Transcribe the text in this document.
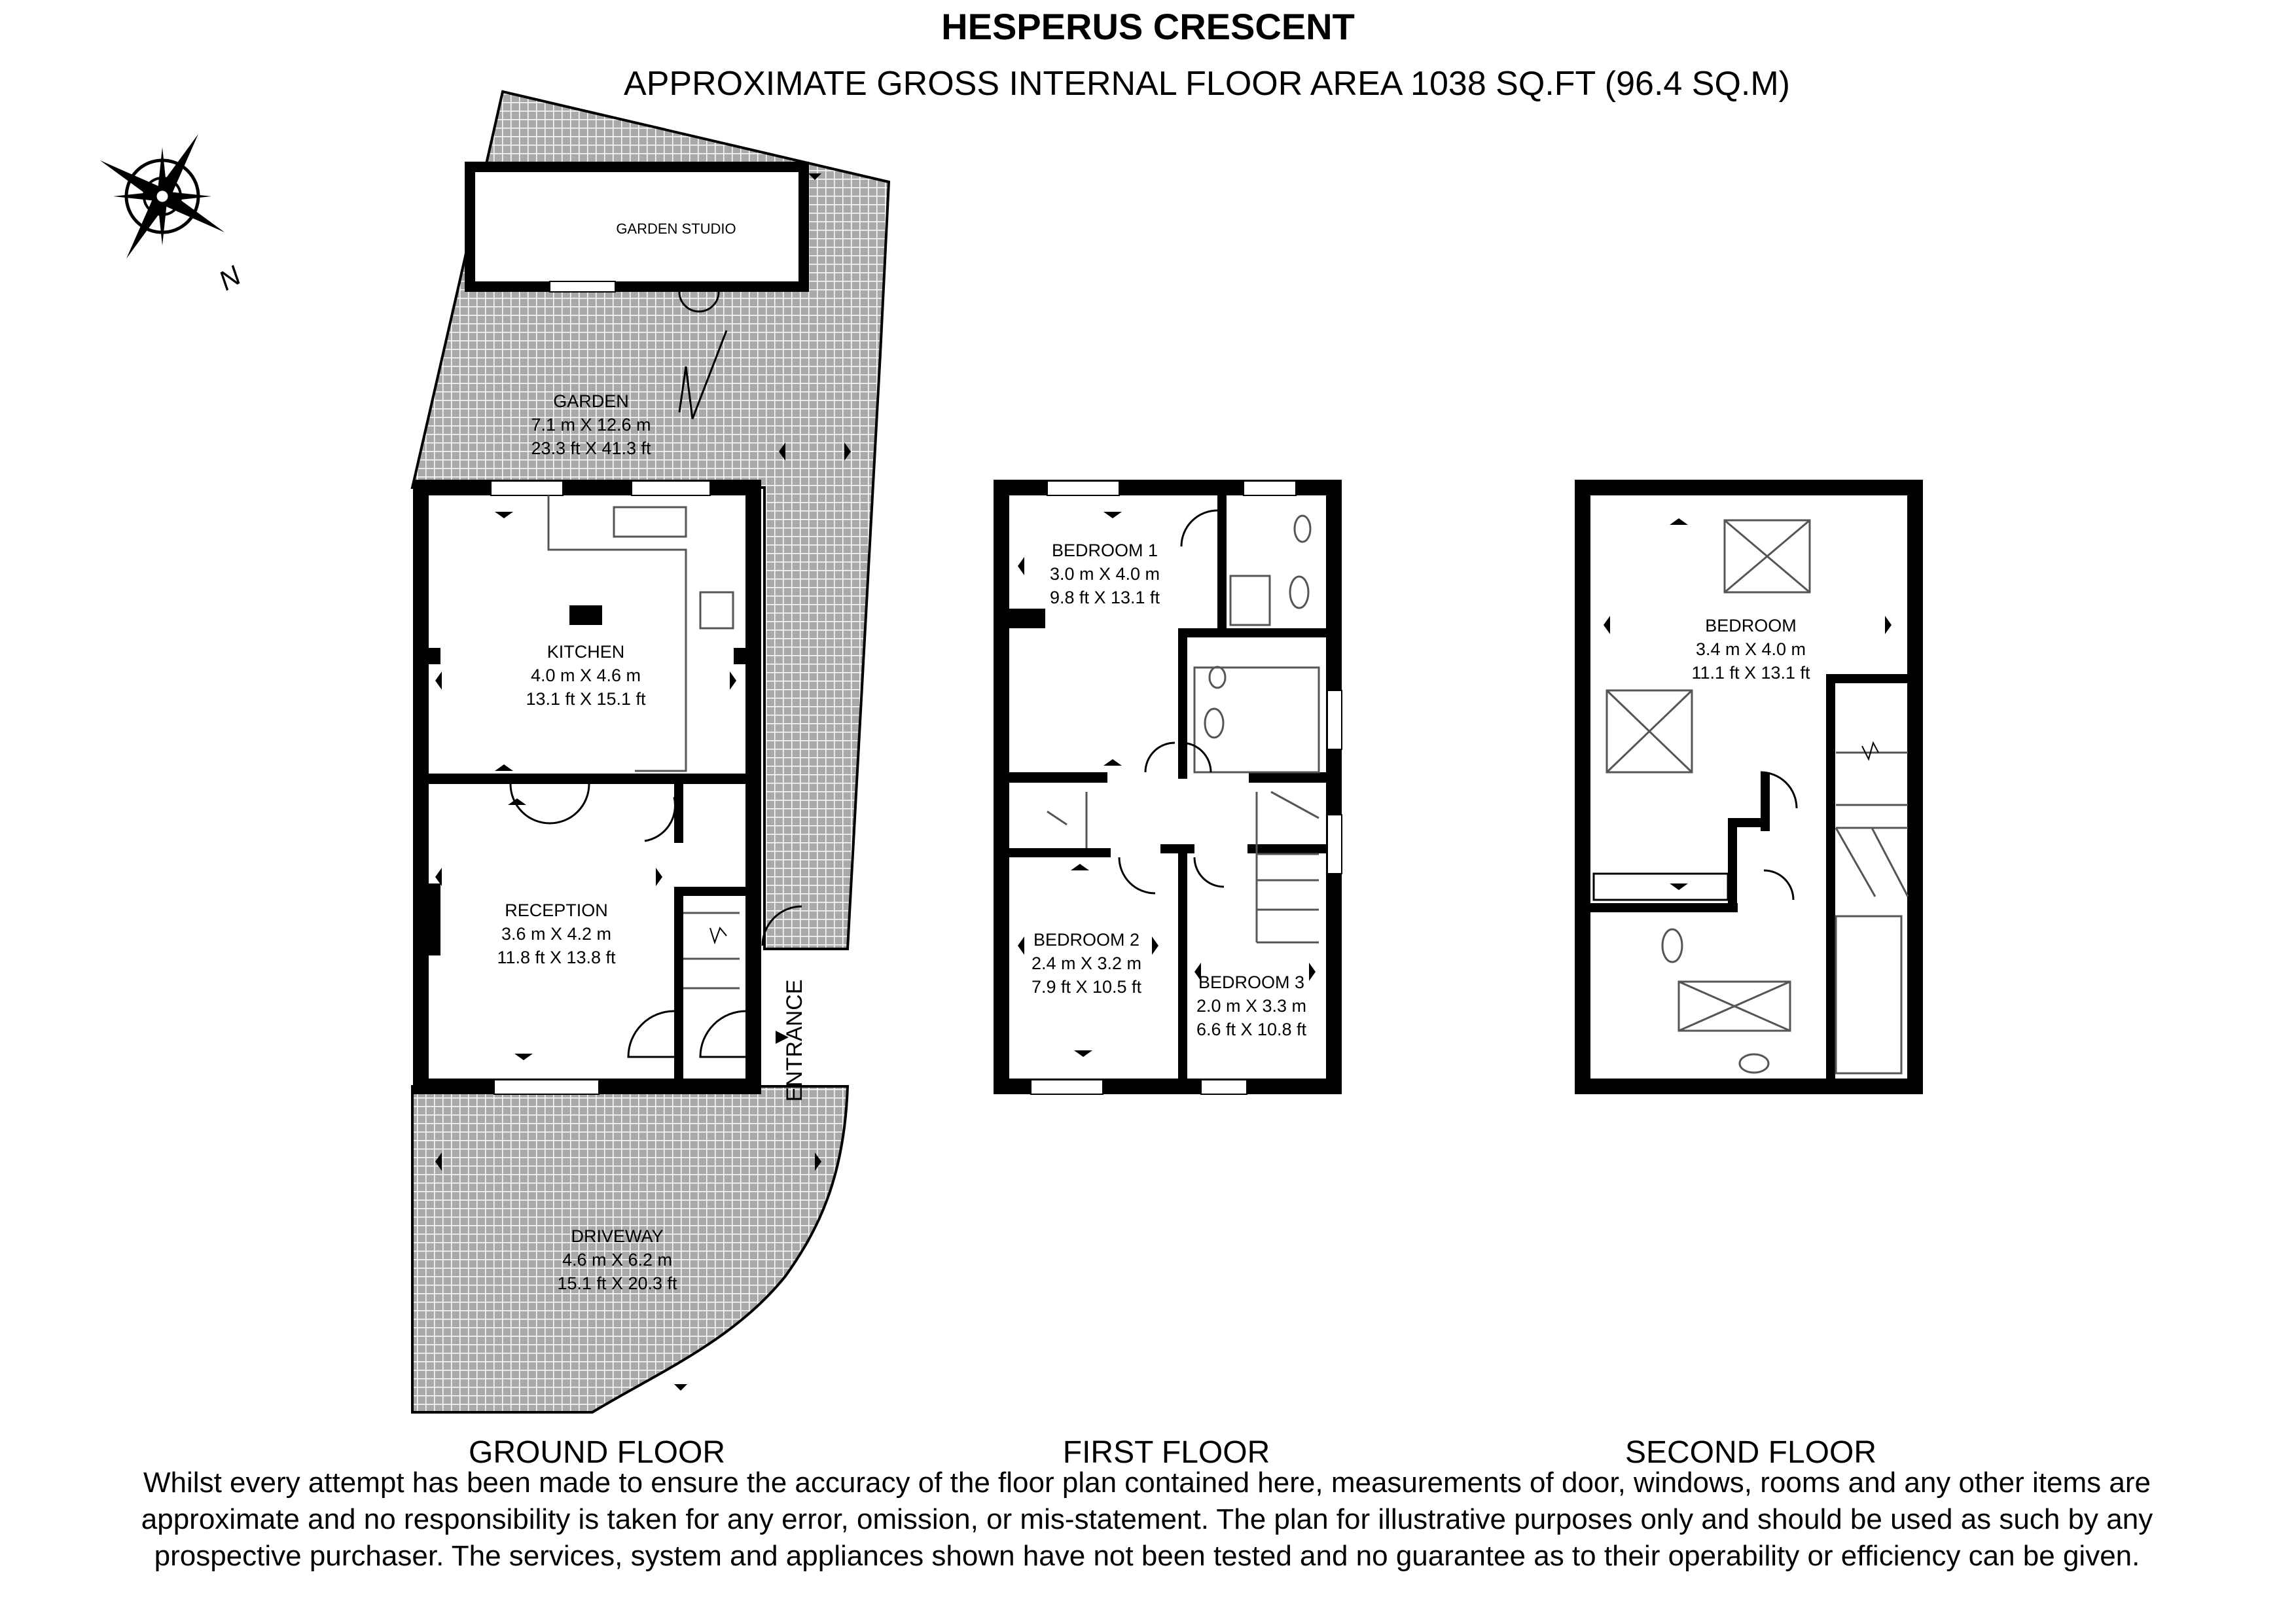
HESPERUS CRESCENT
APPROXIMATE GROSS INTERNAL FLOOR AREA 1038 SQ.FT (96.4 SQ.M)
N
GARDEN STUDIO
GARDEN
7.1 m X 12.6 m
23.3 ft X 41.3 ft
KITCHEN
4.0 m X 4.6 m
13.1 ft X 15.1 ft
RECEPTION
3.6 m X 4.2 m
11.8 ft X 13.8 ft
DRIVEWAY
4.6 m X 6.2 m
15.1 ft X 20.3 ft
ENTRANCE
GROUND FLOOR
BEDROOM 1
3.0 m X 4.0 m
9.8 ft X 13.1 ft
BEDROOM 2
2.4 m X 3.2 m
7.9 ft X 10.5 ft	BEDROOM 3
2.0 m X 3.3 m
6.6 ft X 10.8 ft
FIRST FLOOR
BEDROOM
3.4 m X 4.0 m
11.1 ft X 13.1 ft
SECOND FLOOR
Whilst every attempt has been made to ensure the accuracy of the floor plan contained here, measurements of door, windows, rooms and any other items are approximate and no responsibility is taken for any error, omission, or mis-statement. The plan for illustrative purposes only and should be used as such by any prospective purchaser. The services, system and appliances shown have not been tested and no guarantee as to their operability or efficiency can be given.
